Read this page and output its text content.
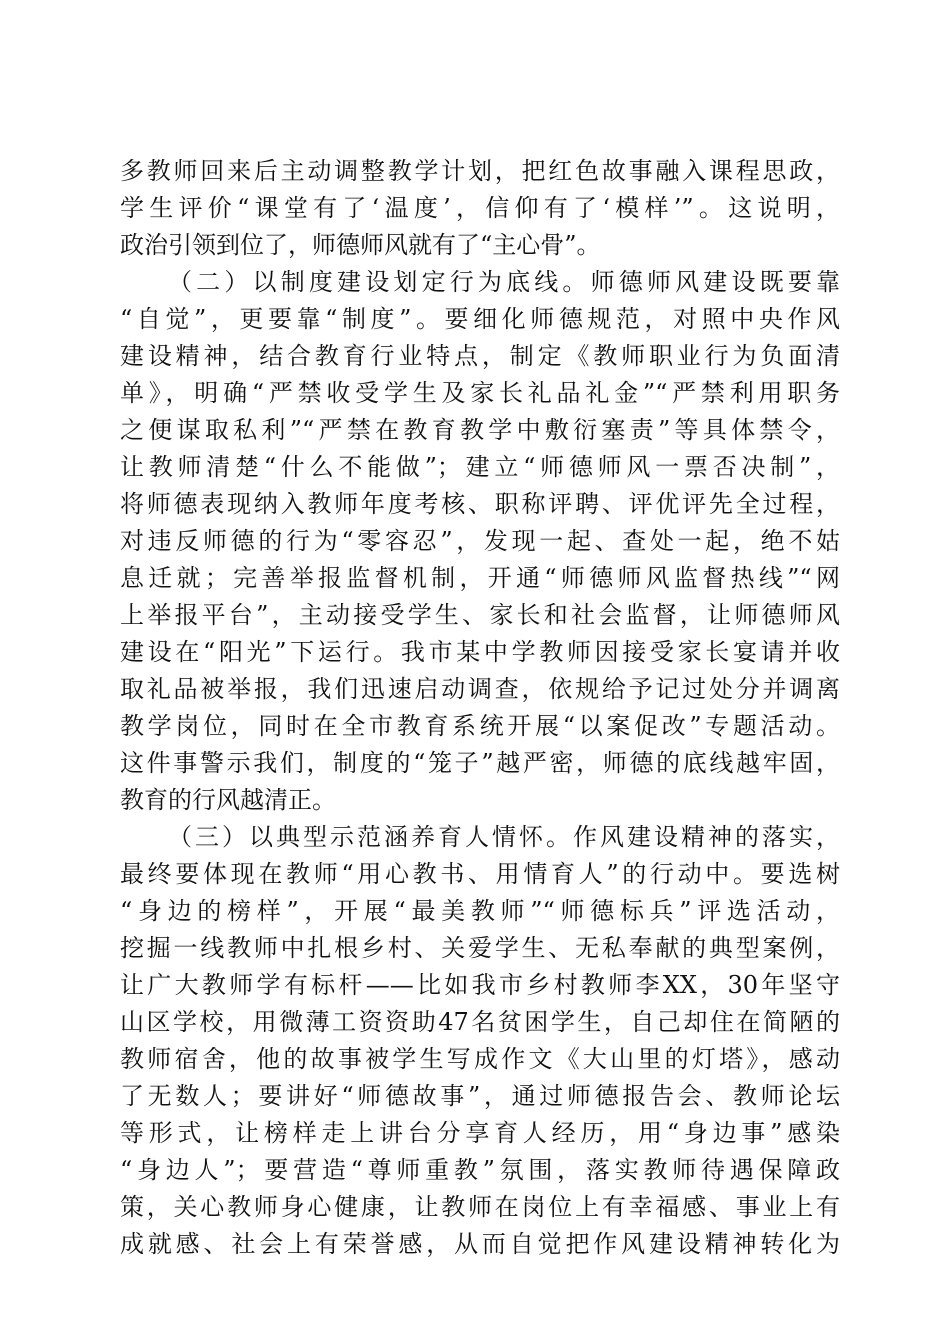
多教师回来后主动调整教学计划，把红色故事融入课程思政，
学生评价“课堂有了‘温度’，信仰有了‘模样’”。这说明，
政治引领到位了，师德师风就有了“主心骨”。
（二）以制度建设划定行为底线。师德师风建设既要靠
“自觉”，更要靠“制度”。要细化师德规范，对照中央作风
建设精神，结合教育行业特点，制定《教师职业行为负面清
单》，明确“严禁收受学生及家长礼品礼金”“严禁利用职务
之便谋取私利”“严禁在教育教学中敷衍塞责”等具体禁令，
让教师清楚“什么不能做”；建立“师德师风一票否决制”，
将师德表现纳入教师年度考核、职称评聘、评优评先全过程，
对违反师德的行为“零容忍”，发现一起、查处一起，绝不姑
息迁就；完善举报监督机制，开通“师德师风监督热线”“网
上举报平台”，主动接受学生、家长和社会监督，让师德师风
建设在“阳光”下运行。我市某中学教师因接受家长宴请并收
取礼品被举报，我们迅速启动调查，依规给予记过处分并调离
教学岗位，同时在全市教育系统开展“以案促改”专题活动。
这件事警示我们，制度的“笼子”越严密，师德的底线越牢固，
教育的行风越清正。
（三）以典型示范涵养育人情怀。作风建设精神的落实，
最终要体现在教师“用心教书、用情育人”的行动中。要选树
“身边的榜样”，开展“最美教师”“师德标兵”评选活动，
挖掘一线教师中扎根乡村、关爱学生、无私奉献的典型案例，
让广大教师学有标杆——比如我市乡村教师李XX，30年坚守
山区学校，用微薄工资资助47名贫困学生，自己却住在简陋的
教师宿舍，他的故事被学生写成作文《大山里的灯塔》，感动
了无数人；要讲好“师德故事”，通过师德报告会、教师论坛
等形式，让榜样走上讲台分享育人经历，用“身边事”感染
“身边人”；要营造“尊师重教”氛围，落实教师待遇保障政
策，关心教师身心健康，让教师在岗位上有幸福感、事业上有
成就感、社会上有荣誉感，从而自觉把作风建设精神转化为
